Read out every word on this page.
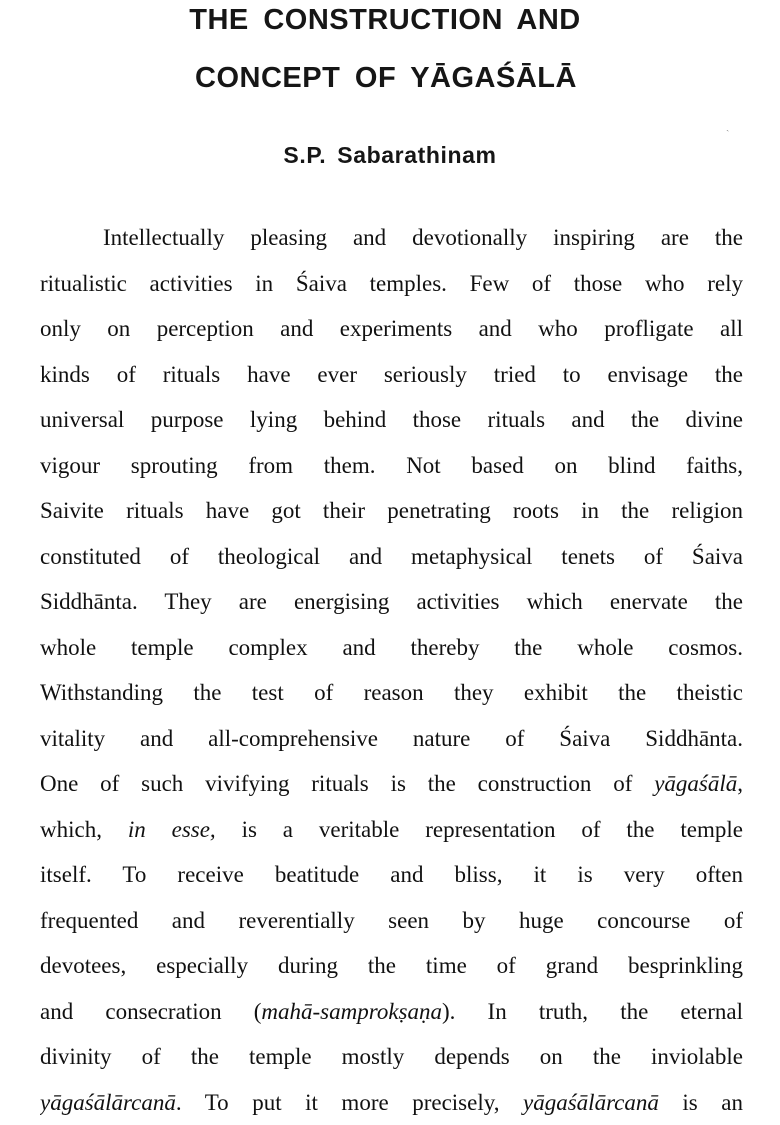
THE CONSTRUCTION AND
CONCEPT OF YĀGAŚĀLĀ
ˎ
S.P. Sabarathinam
Intellectually pleasing and devotionally inspiring are the
ritualistic activities in Śaiva temples. Few of those who rely
only on perception and experiments and who profligate all
kinds of rituals have ever seriously tried to envisage the
universal purpose lying behind those rituals and the divine
vigour sprouting from them. Not based on blind faiths,
Saivite rituals have got their penetrating roots in the religion
constituted of theological and metaphysical tenets of Śaiva
Siddhānta. They are energising activities which enervate the
whole temple complex and thereby the whole cosmos.
Withstanding the test of reason they exhibit the theistic
vitality and all-comprehensive nature of Śaiva Siddhānta.
One of such vivifying rituals is the construction of yāgaśālā,
which, in esse, is a veritable representation of the temple
itself. To receive beatitude and bliss, it is very often
frequented and reverentially seen by huge concourse of
devotees, especially during the time of grand besprinkling
and consecration (mahā-samprokṣaṇa). In truth, the eternal
divinity of the temple mostly depends on the inviolable
yāgaśālārcanā. To put it more precisely, yāgaśālārcanā is an
